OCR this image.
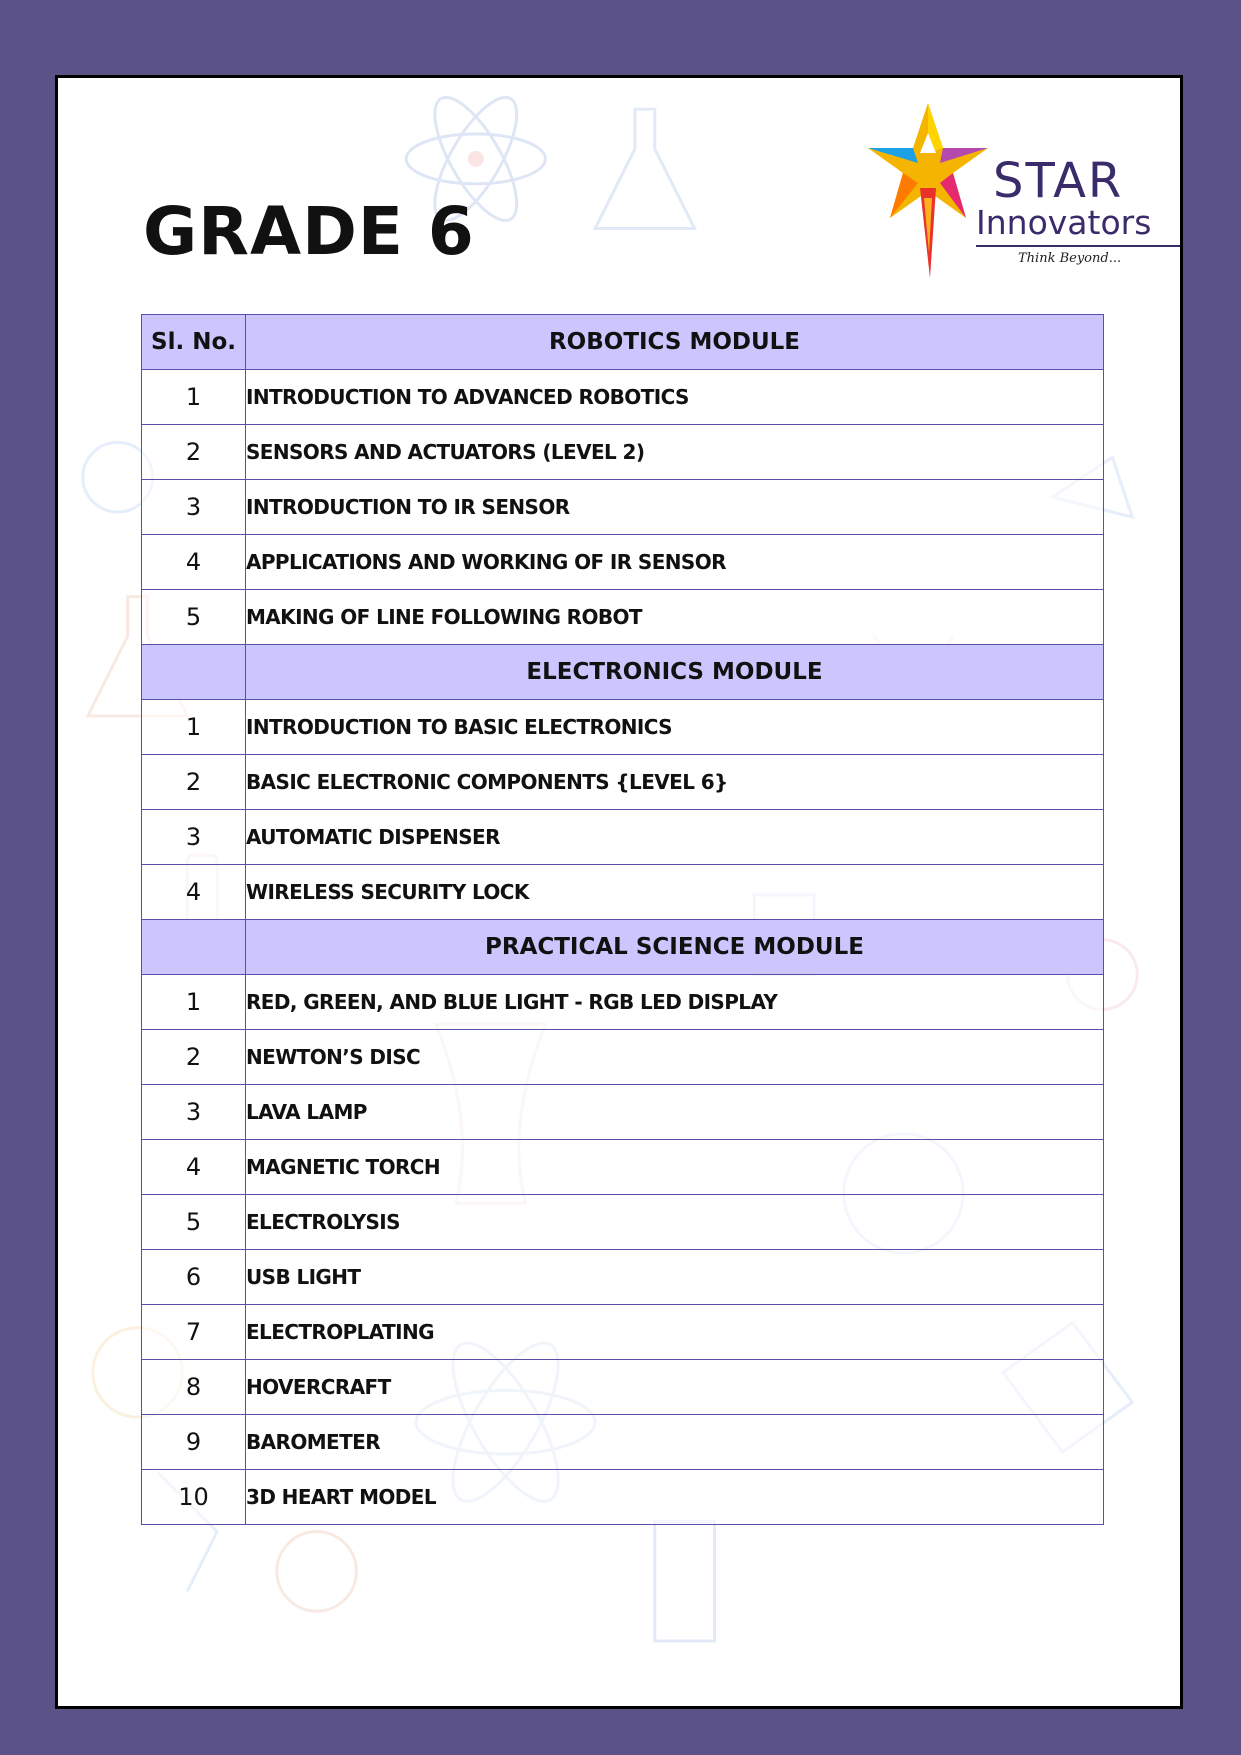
GRADE 6
STAR
Innovators
Think Beyond...
Sl. No.	ROBOTICS MODULE
1	INTRODUCTION TO ADVANCED ROBOTICS
2	SENSORS AND ACTUATORS (LEVEL 2)
3	INTRODUCTION TO IR SENSOR
4	APPLICATIONS AND WORKING OF IR SENSOR
5	MAKING OF LINE FOLLOWING ROBOT
	ELECTRONICS MODULE
1	INTRODUCTION TO BASIC ELECTRONICS
2	BASIC ELECTRONIC COMPONENTS {LEVEL 6}
3	AUTOMATIC DISPENSER
4	WIRELESS SECURITY LOCK
	PRACTICAL SCIENCE MODULE
1	RED, GREEN, AND BLUE LIGHT - RGB LED DISPLAY
2	NEWTON’S DISC
3	LAVA LAMP
4	MAGNETIC TORCH
5	ELECTROLYSIS
6	USB LIGHT
7	ELECTROPLATING
8	HOVERCRAFT
9	BAROMETER
10	3D HEART MODEL
